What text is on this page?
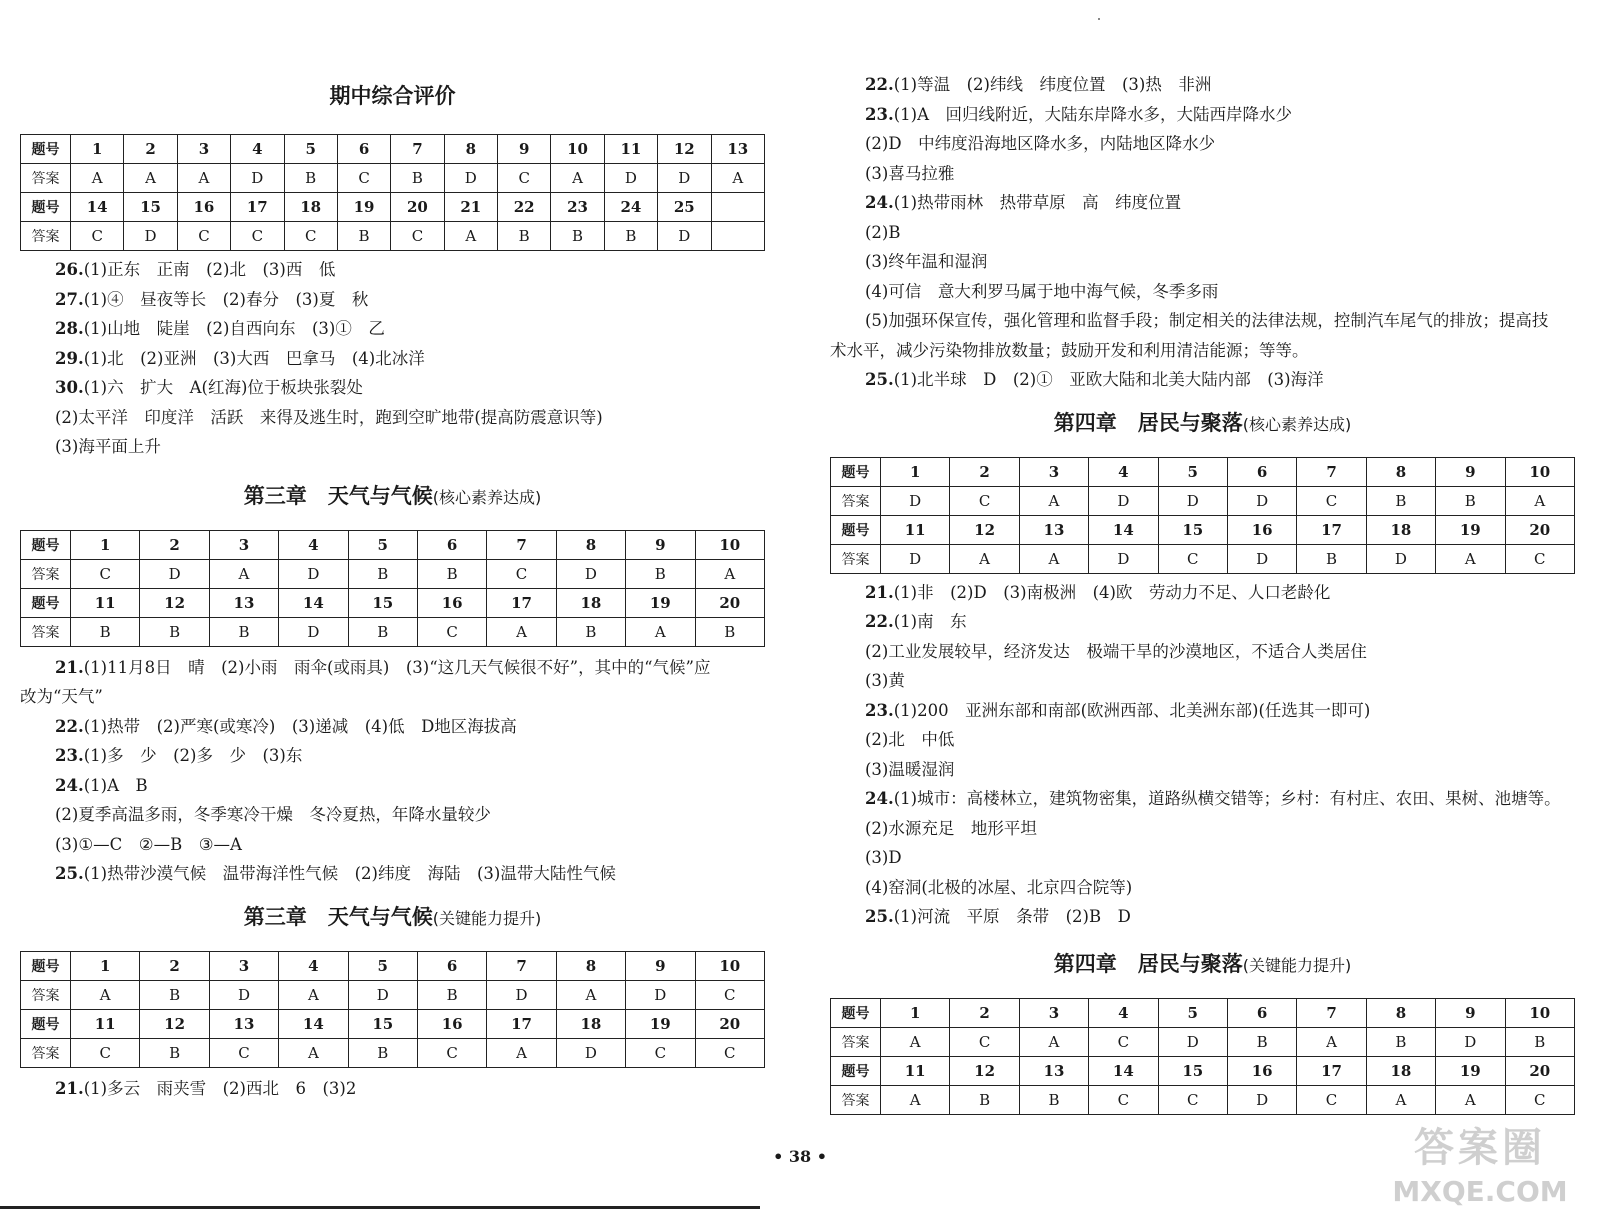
期中综合评价
题号	1	2	3	4	5	6	7	8	9	10	11	12	13
答案	A	A	A	D	B	C	B	D	C	A	D	D	A
题号	14	15	16	17	18	19	20	21	22	23	24	25	
答案	C	D	C	C	C	B	C	A	B	B	B	D	
26.(1)正东　正南　(2)北　(3)西　低
27.(1)④　昼夜等长　(2)春分　(3)夏　秋
28.(1)山地　陡崖　(2)自西向东　(3)①　乙
29.(1)北　(2)亚洲　(3)大西　巴拿马　(4)北冰洋
30.(1)六　扩大　A(红海)位于板块张裂处
(2)太平洋　印度洋　活跃　来得及逃生时，跑到空旷地带(提高防震意识等)
(3)海平面上升
第三章　天气与气候(核心素养达成)
题号	1	2	3	4	5	6	7	8	9	10
答案	C	D	A	D	B	B	C	D	B	A
题号	11	12	13	14	15	16	17	18	19	20
答案	B	B	B	D	B	C	A	B	A	B
21.(1)11月8日　晴　(2)小雨　雨伞(或雨具)　(3)“这几天气候很不好”，其中的“气候”应
改为“天气”
22.(1)热带　(2)严寒(或寒冷)　(3)递减　(4)低　D地区海拔高
23.(1)多　少　(2)多　少　(3)东
24.(1)A　B
(2)夏季高温多雨，冬季寒冷干燥　冬冷夏热，年降水量较少
(3)①—C　②—B　③—A
25.(1)热带沙漠气候　温带海洋性气候　(2)纬度　海陆　(3)温带大陆性气候
第三章　天气与气候(关键能力提升)
题号	1	2	3	4	5	6	7	8	9	10
答案	A	B	D	A	D	B	D	A	D	C
题号	11	12	13	14	15	16	17	18	19	20
答案	C	B	C	A	B	C	A	D	C	C
21.(1)多云　雨夹雪　(2)西北　6　(3)2
22.(1)等温　(2)纬线　纬度位置　(3)热　非洲
23.(1)A　回归线附近，大陆东岸降水多，大陆西岸降水少
(2)D　中纬度沿海地区降水多，内陆地区降水少
(3)喜马拉雅
24.(1)热带雨林　热带草原　高　纬度位置
(2)B
(3)终年温和湿润
(4)可信　意大利罗马属于地中海气候，冬季多雨
(5)加强环保宣传，强化管理和监督手段；制定相关的法律法规，控制汽车尾气的排放；提高技
术水平，减少污染物排放数量；鼓励开发和利用清洁能源；等等。
25.(1)北半球　D　(2)①　亚欧大陆和北美大陆内部　(3)海洋
第四章　居民与聚落(核心素养达成)
题号	1	2	3	4	5	6	7	8	9	10
答案	D	C	A	D	D	D	C	B	B	A
题号	11	12	13	14	15	16	17	18	19	20
答案	D	A	A	D	C	D	B	D	A	C
21.(1)非　(2)D　(3)南极洲　(4)欧　劳动力不足、人口老龄化
22.(1)南　东
(2)工业发展较早，经济发达　极端干旱的沙漠地区，不适合人类居住
(3)黄
23.(1)200　亚洲东部和南部(欧洲西部、北美洲东部)(任选其一即可)
(2)北　中低
(3)温暖湿润
24.(1)城市：高楼林立，建筑物密集，道路纵横交错等；乡村：有村庄、农田、果树、池塘等。
(2)水源充足　地形平坦
(3)D
(4)窑洞(北极的冰屋、北京四合院等)
25.(1)河流　平原　条带　(2)B　D
第四章　居民与聚落(关键能力提升)
题号	1	2	3	4	5	6	7	8	9	10
答案	A	C	A	C	D	B	A	B	D	B
题号	11	12	13	14	15	16	17	18	19	20
答案	A	B	B	C	C	D	C	A	A	C
• 38 •	答案圈
MXQE.COM
